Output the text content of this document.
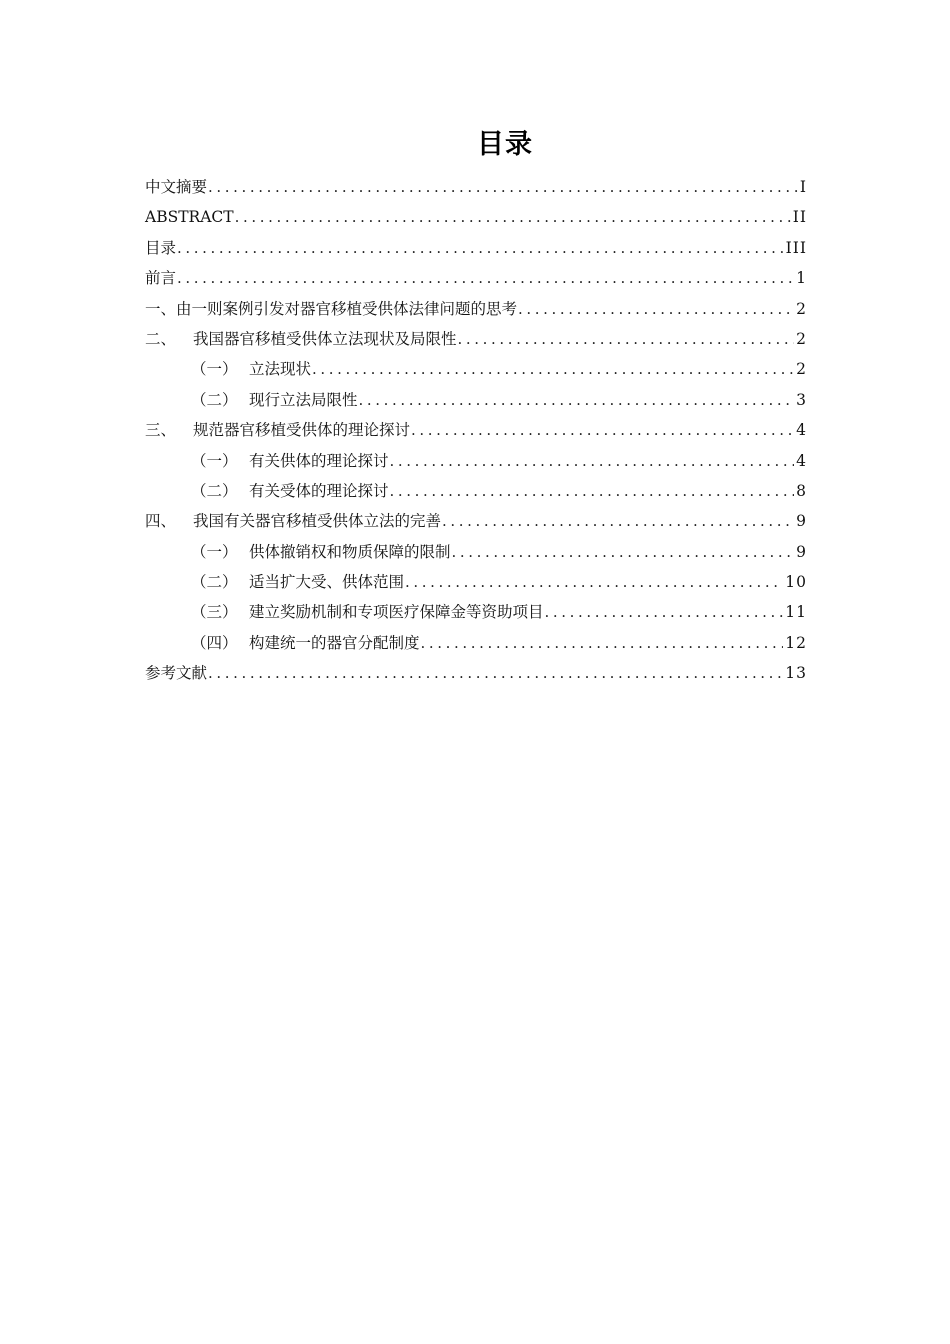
目录
中文摘要 .....	I
ABSTRACT .....	II
目录 .....	III
前言 .....	1
一、 由一则案例引发对器官移植受供体法律问题的思考 .....	2
二、	我国器官移植受供体立法现状及局限性 .....	2
（一） 立法现状 .....	2
（二） 现行立法局限性 .....	3
三、	规范器官移植受供体的理论探讨 .....	4
（一） 有关供体的理论探讨 .....	4
（二） 有关受体的理论探讨 .....	8
四、	我国有关器官移植受供体立法的完善 .....	9
（一） 供体撤销权和物质保障的限制 .....	9
（二） 适当扩大受、供体范围 .....	10
（三） 建立奖励机制和专项医疗保障金等资助项目 .....	11
（四） 构建统一的器官分配制度 .....	12
参考文献 .....	13
